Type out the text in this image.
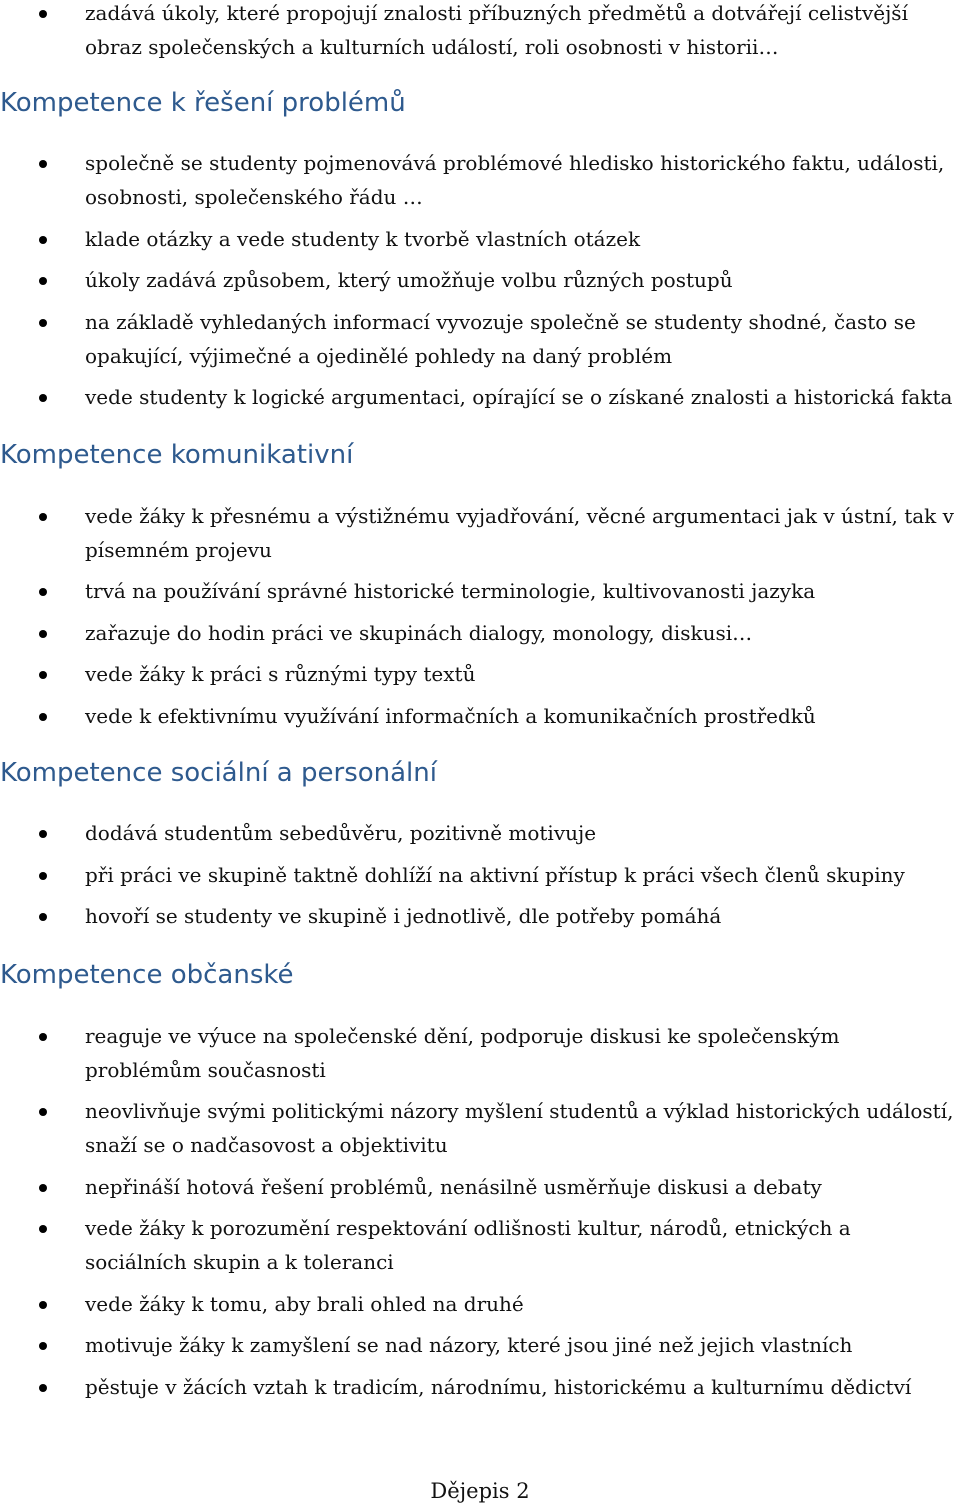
zadává úkoly, které propojují znalosti příbuzných předmětů a dotvářejí celistvější obraz společenských a kulturních událostí, roli osobnosti v historii…

Kompetence k řešení problémů

společně se studenty pojmenovává problémové hledisko historického faktu, události, osobnosti, společenského řádu …

klade otázky a vede studenty k tvorbě vlastních otázek

úkoly zadává způsobem, který umožňuje volbu různých postupů

na základě vyhledaných informací vyvozuje společně se studenty shodné, často se opakující, výjimečné a ojedinělé pohledy na daný problém

vede studenty k logické argumentaci, opírající se o získané znalosti a historická fakta

Kompetence komunikativní

vede žáky k přesnému a výstižnému vyjadřování, věcné argumentaci jak v ústní, tak v písemném projevu

trvá na používání správné historické terminologie, kultivovanosti jazyka

zařazuje do hodin práci ve skupinách dialogy, monology, diskusi…

vede žáky k práci s různými typy textů

vede k efektivnímu využívání informačních a komunikačních prostředků

Kompetence sociální a personální

dodává studentům sebedůvěru, pozitivně motivuje

při práci ve skupině taktně dohlíží na aktivní přístup k práci všech členů skupiny

hovoří se studenty ve skupině i jednotlivě, dle potřeby pomáhá

Kompetence občanské

reaguje ve výuce na společenské dění, podporuje diskusi ke společenským problémům současnosti

neovlivňuje svými politickými názory myšlení studentů a výklad historických událostí, snaží se o nadčasovost a objektivitu

nepřináší hotová řešení problémů, nenásilně usměrňuje diskusi a debaty

vede žáky k porozumění respektování odlišnosti kultur, národů, etnických a sociálních skupin a k toleranci

vede žáky k tomu, aby brali ohled na druhé

motivuje žáky k zamyšlení se nad názory, které jsou jiné než jejich vlastních

pěstuje v žácích vztah k tradicím, národnímu, historickému a kulturnímu dědictví

Dějepis 2
